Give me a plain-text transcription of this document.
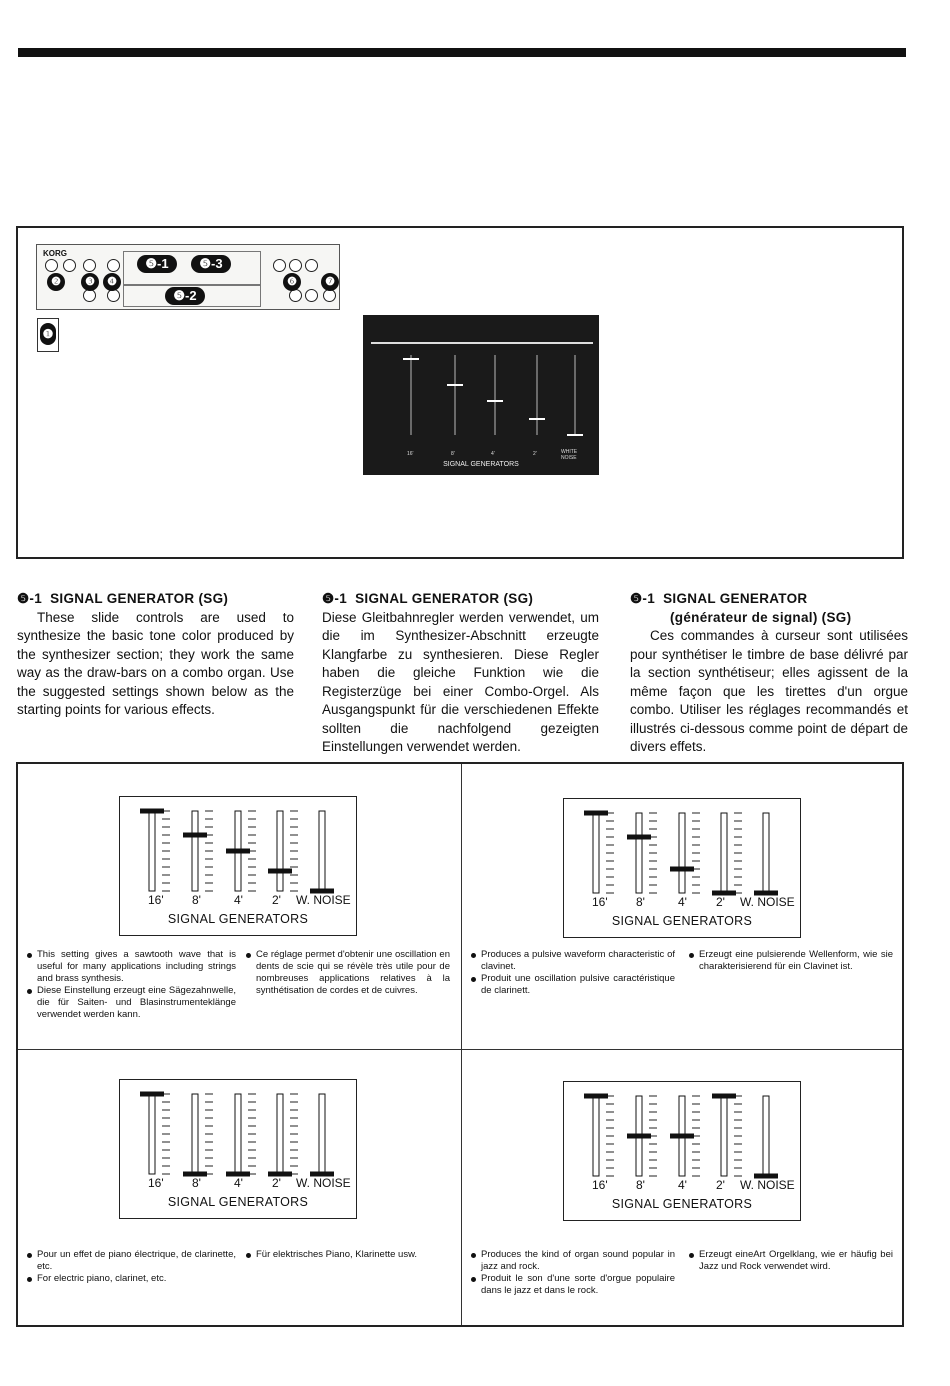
KORG
❷	❸	❹
❺-1	❺-3
❺-2
❻	❼
❶
16'	8'	4'	2'	WHITE NOISE
SIGNAL GENERATORS
❺-1 SIGNAL GENERATOR (SG)

These slide controls are used to synthesize the basic tone color produced by the synthesizer section; they work the same way as the draw-bars on a combo organ. Use the suggested settings shown below as the starting points for various effects.

❺-1 SIGNAL GENERATOR (SG)

Diese Gleitbahnregler werden verwendet, um die im Synthesizer-Abschnitt erzeugte Klangfarbe zu synthesieren. Diese Regler haben die gleiche Funktion wie die Registerzüge bei einer Combo-Orgel. Als Ausgangspunkt für die verschiedenen Effekte sollten die nachfolgend gezeigten Einstellungen verwendet werden.

❺-1 SIGNAL GENERATOR
(générateur de signal) (SG)

Ces commandes à curseur sont utilisées pour synthétiser le timbre de base délivré par la section synthétiseur; elles agissent de la même façon que les tirettes d'un orgue combo. Utiliser les réglages recommandés et illustrés ci-dessous comme point de départ de divers effets.

16' 8'	4' 2' W. NOISE
SIGNAL GENERATORS

This setting gives a sawtooth wave that is useful for many applications including strings and brass synthesis.

Diese Einstellung erzeugt eine Sägezahnwelle, die für Saiten- und Blasinstrumenteklänge verwendet werden kann.

Ce réglage permet d'obtenir une oscillation en dents de scie qui se révèle très utile pour de nombreuses applications relatives à la synthétisation de cordes et de cuivres.

16' 8'	4' 2' W. NOISE
SIGNAL GENERATORS

Produces a pulsive waveform characteristic of clavinet.

Produit une oscillation pulsive caractéristique de clarinett.

Erzeugt eine pulsierende Wellenform, wie sie charakterisierend für ein Clavinet ist.

16' 8'	4' 2' W. NOISE
SIGNAL GENERATORS

Pour un effet de piano électrique, de clarinette, etc.

For electric piano, clarinet, etc.

Für elektrisches Piano, Klarinette usw.

16' 8'	4' 2' W. NOISE
SIGNAL GENERATORS

Produces the kind of organ sound popular in jazz and rock.

Produit le son d'une sorte d'orgue populaire dans le jazz et dans le rock.

Erzeugt eineArt Orgelklang, wie er häufig bei Jazz und Rock verwendet wird.
